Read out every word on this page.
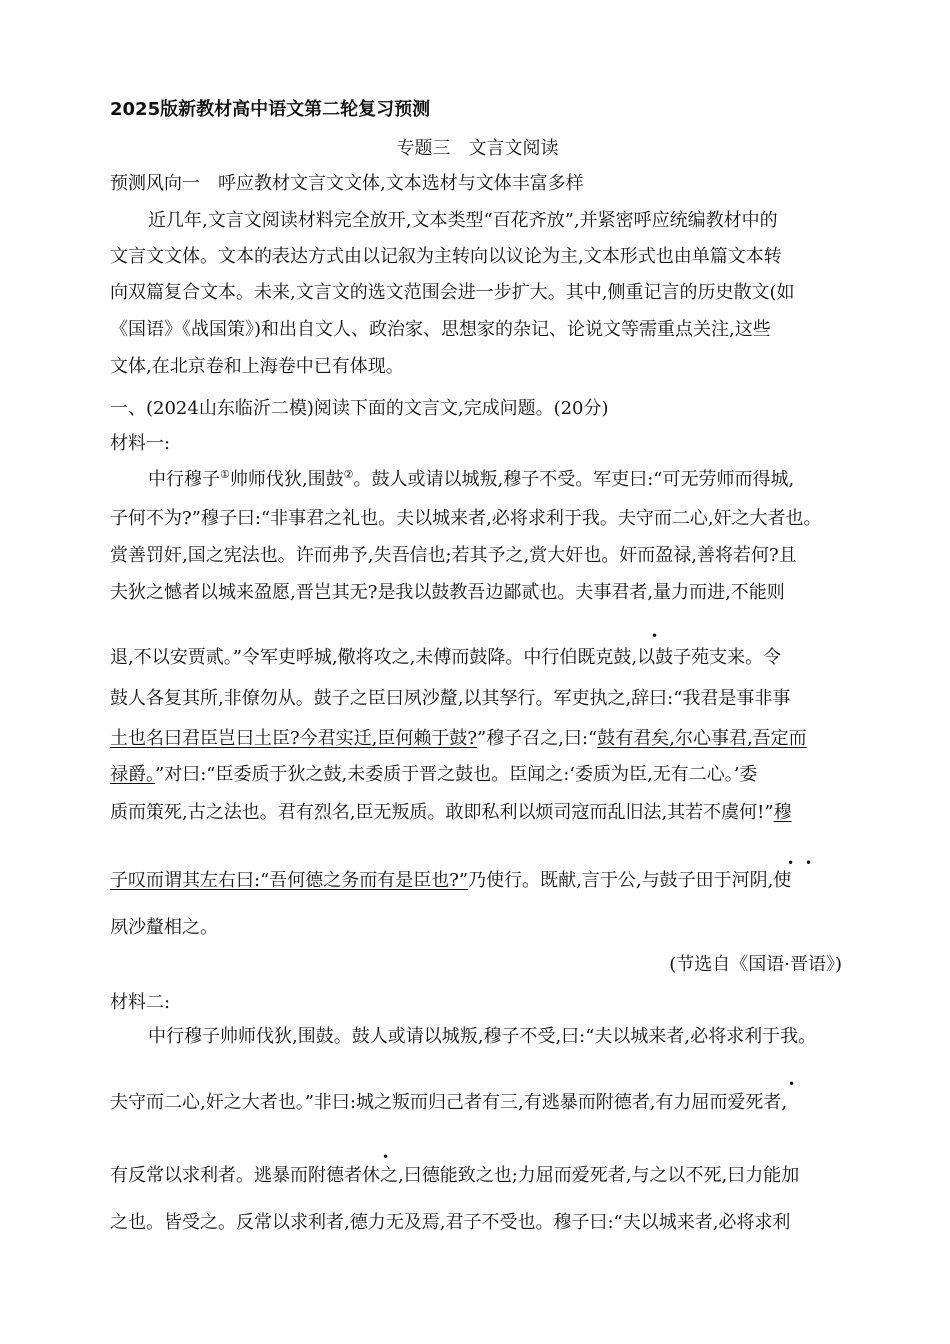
2025版新教材高中语文第二轮复习预测
专题三　文言文阅读
预测风向一　呼应教材文言文文体,文本选材与文体丰富多样
近几年,文言文阅读材料完全放开,文本类型“百花齐放”,并紧密呼应统编教材中的
文言文文体。文本的表达方式由以记叙为主转向以议论为主,文本形式也由单篇文本转
向双篇复合文本。未来,文言文的选文范围会进一步扩大。其中,侧重记言的历史散文(如
《国语》《战国策》)和出自文人、政治家、思想家的杂记、论说文等需重点关注,这些
文体,在北京卷和上海卷中已有体现。
一、(2024山东临沂二模)阅读下面的文言文,完成问题。(20分)
材料一:
中行穆子①帅师伐狄,围鼓②。鼓人或请以城叛,穆子不受。军吏曰:“可无劳师而得城,
子何不为?”穆子曰:“非事君之礼也。夫以城来者,必将求利于我。夫守而二心,奸之大者也。
赏善罚奸,国之宪法也。许而弗予,失吾信也;若其予之,赏大奸也。奸而盈禄,善将若何?且
夫狄之憾者以城来盈愿,晋岂其无?是我以鼓教吾边鄙贰也。夫事君者,量力而进,不能则
•
退,不以安贾贰。”令军吏呼城,儆将攻之,未傅而鼓降。中行伯既克鼓,以鼓子苑支来。令
鼓人各复其所,非僚勿从。鼓子之臣曰夙沙釐,以其孥行。军吏执之,辞曰:“我君是事非事
土也名曰君臣岂曰土臣?今君实迁,臣何赖于鼓?”穆子召之,曰:“鼓有君矣,尔心事君,吾定而
禄爵。”对曰:“臣委质于狄之鼓,未委质于晋之鼓也。臣闻之:‘委质为臣,无有二心。’委
质而策死,古之法也。君有烈名,臣无叛质。敢即私利以烦司寇而乱旧法,其若不虞何!”穆
• •
子叹而谓其左右曰:“吾何德之务而有是臣也?”乃使行。既献,言于公,与鼓子田于河阴,使
夙沙釐相之。
(节选自《国语·晋语》)
材料二:
中行穆子帅师伐狄,围鼓。鼓人或请以城叛,穆子不受,曰:“夫以城来者,必将求利于我。
•
夫守而二心,奸之大者也。”非曰:城之叛而归己者有三,有逃暴而附德者,有力屈而爱死者,
•
有反常以求利者。逃暴而附德者休之,曰德能致之也;力屈而爱死者,与之以不死,曰力能加
之也。皆受之。反常以求利者,德力无及焉,君子不受也。穆子曰:“夫以城来者,必将求利
